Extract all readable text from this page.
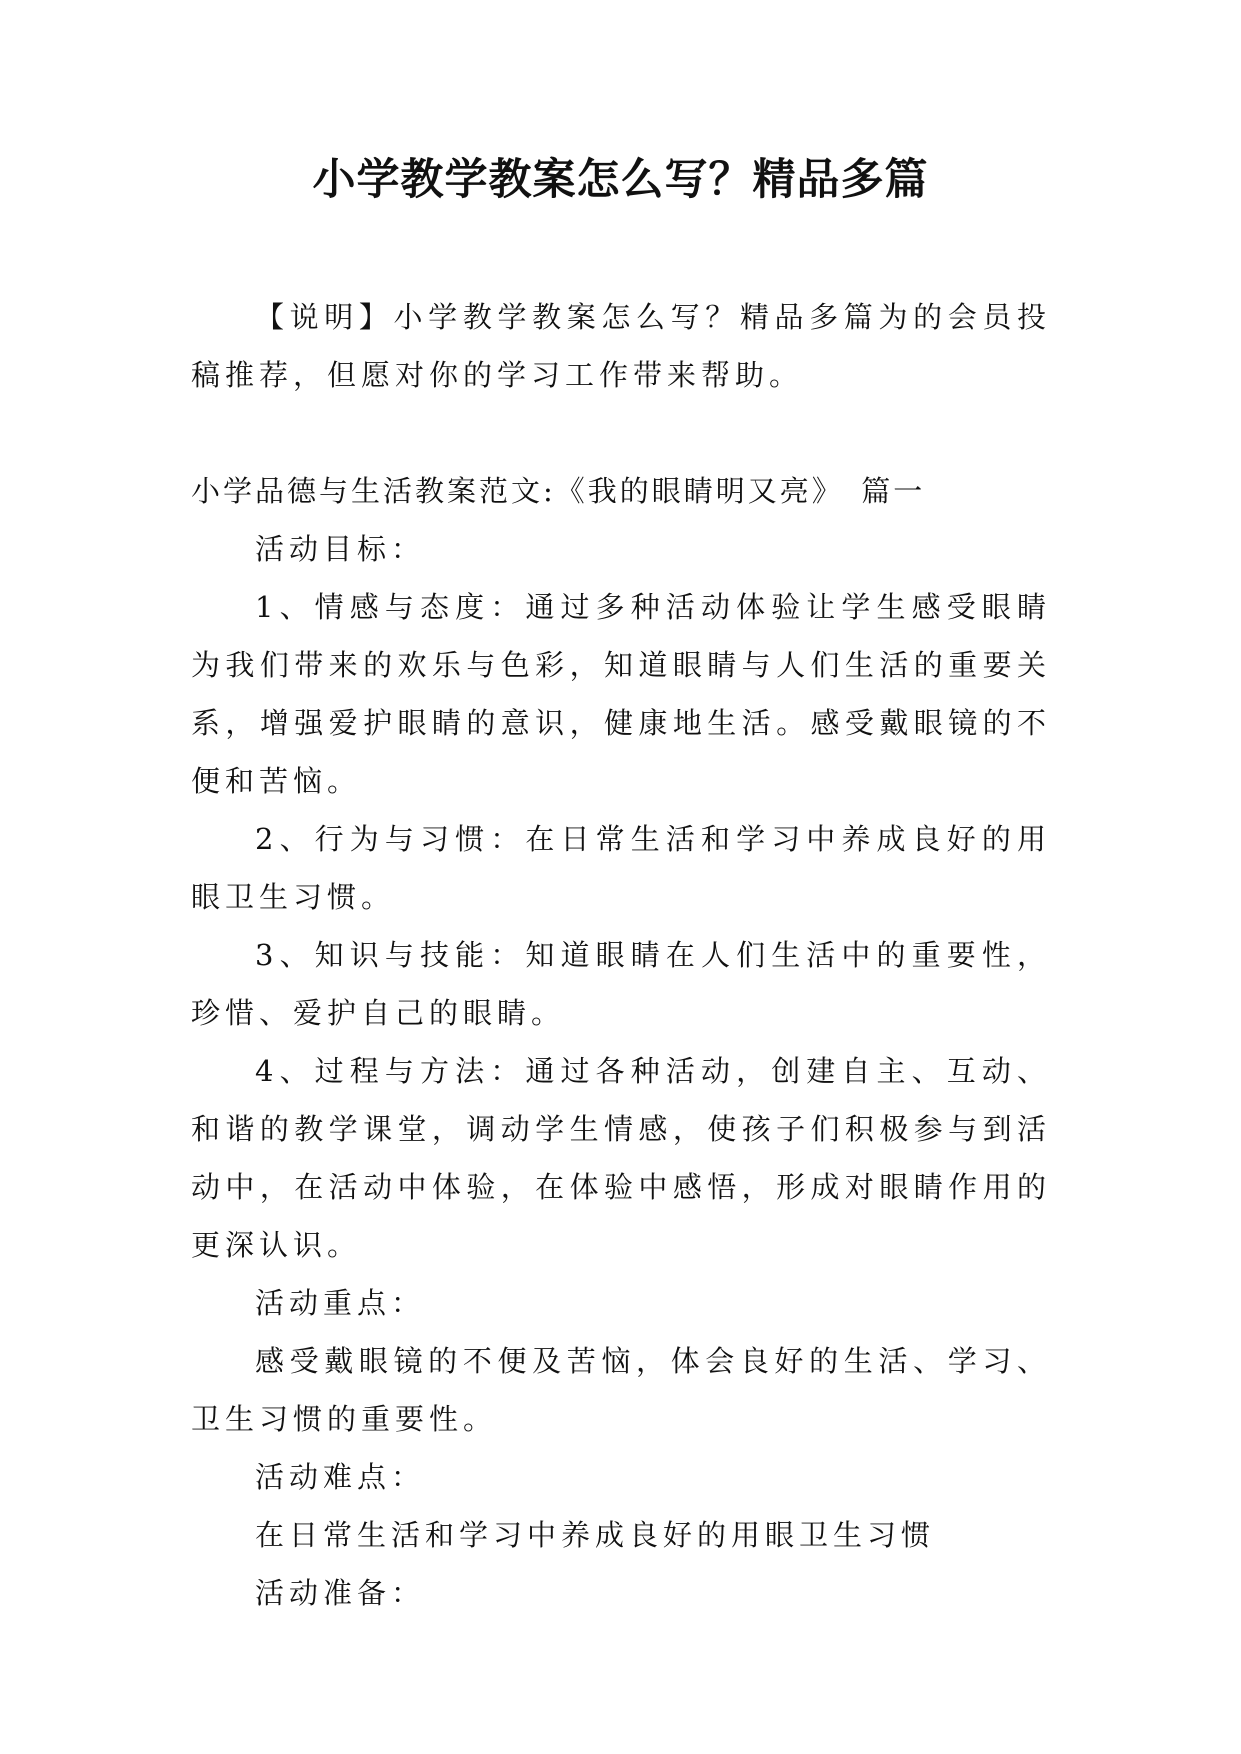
小学教学教案怎么写？精品多篇

【说明】小学教学教案怎么写？精品多篇为的会员投稿推荐，但愿对你的学习工作带来帮助。

小学品德与生活教案范文:《我的眼睛明又亮》　篇一

活动目标：

1、情感与态度：通过多种活动体验让学生感受眼睛为我们带来的欢乐与色彩，知道眼睛与人们生活的重要关系，增强爱护眼睛的意识，健康地生活。感受戴眼镜的不便和苦恼。

2、行为与习惯：在日常生活和学习中养成良好的用眼卫生习惯。

3、知识与技能：知道眼睛在人们生活中的重要性，珍惜、爱护自己的眼睛。

4、过程与方法：通过各种活动，创建自主、互动、和谐的教学课堂，调动学生情感，使孩子们积极参与到活动中，在活动中体验，在体验中感悟，形成对眼睛作用的更深认识。

活动重点：

感受戴眼镜的不便及苦恼，体会良好的生活、学习、卫生习惯的重要性。

活动难点：

在日常生活和学习中养成良好的用眼卫生习惯

活动准备：
